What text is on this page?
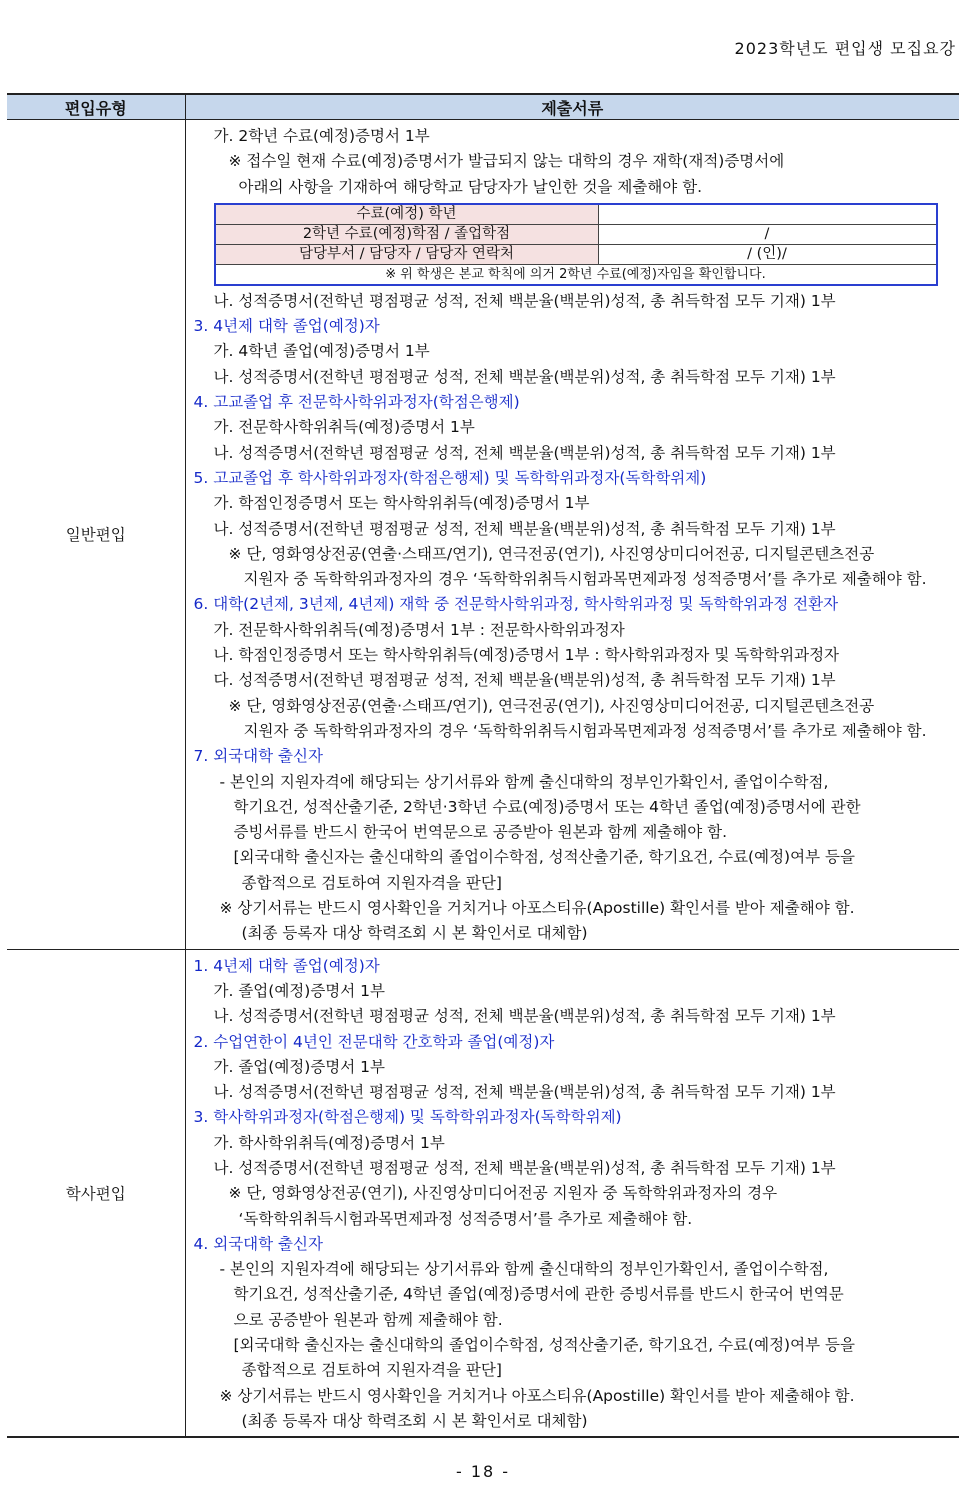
2023학년도 편입생 모집요강
편입유형	제출서류
일반편입	
가. 2학년 수료(예정)증명서 1부
※ 접수일 현재 수료(예정)증명서가 발급되지 않는 대학의 경우 재학(재적)증명서에
아래의 사항을 기재하여 해당학교 담당자가 날인한 것을 제출해야 함.
수료(예정) 학년	
2학년 수료(예정)학점 / 졸업학점	/
담당부서 / 담당자 / 담당자 연락처	/ (인)/
※ 위 학생은 본교 학칙에 의거 2학년 수료(예정)자임을 확인합니다.
나. 성적증명서(전학년 평점평균 성적, 전체 백분율(백분위)성적, 총 취득학점 모두 기재) 1부
3. 4년제 대학 졸업(예정)자
가. 4학년 졸업(예정)증명서 1부
나. 성적증명서(전학년 평점평균 성적, 전체 백분율(백분위)성적, 총 취득학점 모두 기재) 1부
4. 고교졸업 후 전문학사학위과정자(학점은행제)
가. 전문학사학위취득(예정)증명서 1부
나. 성적증명서(전학년 평점평균 성적, 전체 백분율(백분위)성적, 총 취득학점 모두 기재) 1부
5. 고교졸업 후 학사학위과정자(학점은행제) 및 독학학위과정자(독학학위제)
가. 학점인정증명서 또는 학사학위취득(예정)증명서 1부
나. 성적증명서(전학년 평점평균 성적, 전체 백분율(백분위)성적, 총 취득학점 모두 기재) 1부
※ 단, 영화영상전공(연출·스태프/연기), 연극전공(연기), 사진영상미디어전공, 디지털콘텐츠전공
지원자 중 독학학위과정자의 경우 ‘독학학위취득시험과목면제과정 성적증명서’를 추가로 제출해야 함.
6. 대학(2년제, 3년제, 4년제) 재학 중 전문학사학위과정, 학사학위과정 및 독학학위과정 전환자
가. 전문학사학위취득(예정)증명서 1부 : 전문학사학위과정자
나. 학점인정증명서 또는 학사학위취득(예정)증명서 1부 : 학사학위과정자 및 독학학위과정자
다. 성적증명서(전학년 평점평균 성적, 전체 백분율(백분위)성적, 총 취득학점 모두 기재) 1부
※ 단, 영화영상전공(연출·스태프/연기), 연극전공(연기), 사진영상미디어전공, 디지털콘텐츠전공
지원자 중 독학학위과정자의 경우 ‘독학학위취득시험과목면제과정 성적증명서’를 추가로 제출해야 함.
7. 외국대학 출신자
- 본인의 지원자격에 해당되는 상기서류와 함께 출신대학의 정부인가확인서, 졸업이수학점,
학기요건, 성적산출기준, 2학년·3학년 수료(예정)증명서 또는 4학년 졸업(예정)증명서에 관한
증빙서류를 반드시 한국어 번역문으로 공증받아 원본과 함께 제출해야 함.
[외국대학 출신자는 출신대학의 졸업이수학점, 성적산출기준, 학기요건, 수료(예정)여부 등을
종합적으로 검토하여 지원자격을 판단]
※ 상기서류는 반드시 영사확인을 거치거나 아포스티유(Apostille) 확인서를 받아 제출해야 함.
(최종 등록자 대상 학력조회 시 본 확인서로 대체함)

학사편입	
1. 4년제 대학 졸업(예정)자
가. 졸업(예정)증명서 1부
나. 성적증명서(전학년 평점평균 성적, 전체 백분율(백분위)성적, 총 취득학점 모두 기재) 1부
2. 수업연한이 4년인 전문대학 간호학과 졸업(예정)자
가. 졸업(예정)증명서 1부
나. 성적증명서(전학년 평점평균 성적, 전체 백분율(백분위)성적, 총 취득학점 모두 기재) 1부
3. 학사학위과정자(학점은행제) 및 독학학위과정자(독학학위제)
가. 학사학위취득(예정)증명서 1부
나. 성적증명서(전학년 평점평균 성적, 전체 백분율(백분위)성적, 총 취득학점 모두 기재) 1부
※ 단, 영화영상전공(연기), 사진영상미디어전공 지원자 중 독학학위과정자의 경우
‘독학학위취득시험과목면제과정 성적증명서’를 추가로 제출해야 함.
4. 외국대학 출신자
- 본인의 지원자격에 해당되는 상기서류와 함께 출신대학의 정부인가확인서, 졸업이수학점,
학기요건, 성적산출기준, 4학년 졸업(예정)증명서에 관한 증빙서류를 반드시 한국어 번역문
으로 공증받아 원본과 함께 제출해야 함.
[외국대학 출신자는 출신대학의 졸업이수학점, 성적산출기준, 학기요건, 수료(예정)여부 등을
종합적으로 검토하여 지원자격을 판단]
※ 상기서류는 반드시 영사확인을 거치거나 아포스티유(Apostille) 확인서를 받아 제출해야 함.
(최종 등록자 대상 학력조회 시 본 확인서로 대체함)
- 18 -
